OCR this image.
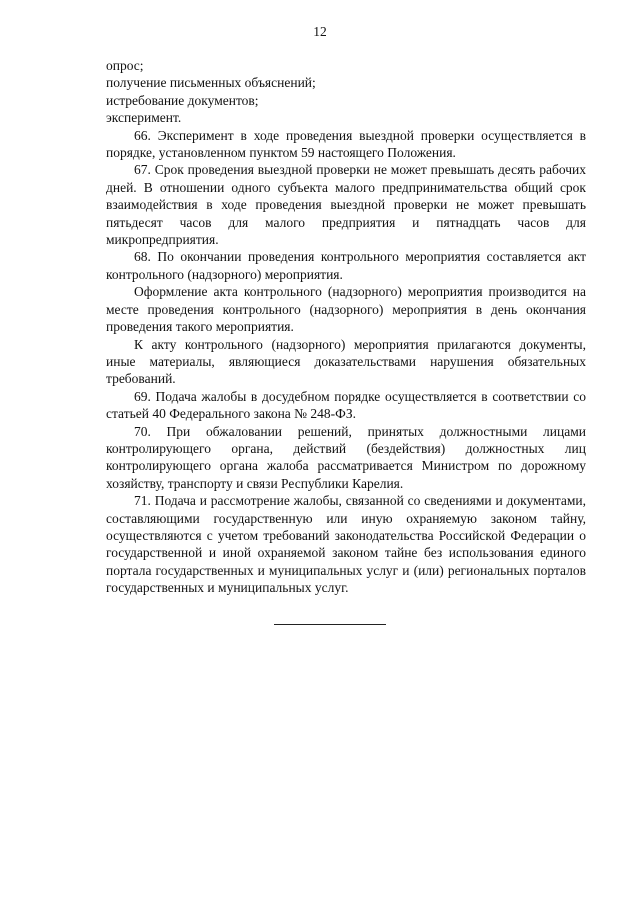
12

опрос;

получение письменных объяснений;

истребование документов;

эксперимент.

66. Эксперимент в ходе проведения выездной проверки осуществляется в порядке, установленном пунктом 59 настоящего Положения.

67. Срок проведения выездной проверки не может превышать десять рабочих дней. В отношении одного субъекта малого предпринимательства общий срок взаимодействия в ходе проведения выездной проверки не может превышать пятьдесят часов для малого предприятия и пятнадцать часов для микропредприятия.

68. По окончании проведения контрольного мероприятия составляется акт контрольного (надзорного) мероприятия.

Оформление акта контрольного (надзорного) мероприятия производится на месте проведения контрольного (надзорного) мероприятия в день окончания проведения такого мероприятия.

К акту контрольного (надзорного) мероприятия прилагаются документы, иные материалы, являющиеся доказательствами нарушения обязательных требований.

69. Подача жалобы в досудебном порядке осуществляется в соответствии со статьей 40 Федерального закона № 248-ФЗ.

70. При обжаловании решений, принятых должностными лицами контролирующего органа, действий (бездействия) должностных лиц контролирующего органа жалоба рассматривается Министром по дорожному хозяйству, транспорту и связи Республики Карелия.

71. Подача и рассмотрение жалобы, связанной со сведениями и документами, составляющими государственную или иную охраняемую законом тайну, осуществляются с учетом требований законодательства Российской Федерации о государственной и иной охраняемой законом тайне без использования единого портала государственных и муниципальных услуг и (или) региональных порталов государственных и муниципальных услуг.
